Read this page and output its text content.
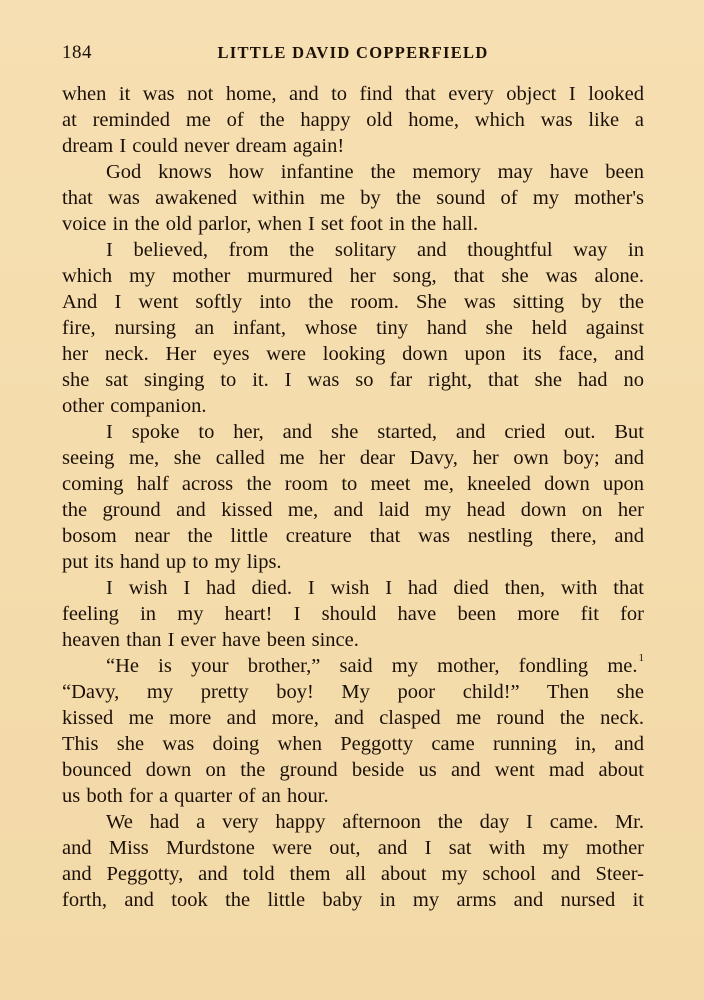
184	LITTLE DAVID COPPERFIELD
when it was not home, and to find that every object I looked
at reminded me of the happy old home, which was like a
dream I could never dream again!
God knows how infantine the memory may have been
that was awakened within me by the sound of my mother's
voice in the old parlor, when I set foot in the hall.
I believed, from the solitary and thoughtful way in
which my mother murmured her song, that she was alone.
And I went softly into the room. She was sitting by the
fire, nursing an infant, whose tiny hand she held against
her neck. Her eyes were looking down upon its face, and
she sat singing to it. I was so far right, that she had no
other companion.
I spoke to her, and she started, and cried out. But
seeing me, she called me her dear Davy, her own boy; and
coming half across the room to meet me, kneeled down upon
the ground and kissed me, and laid my head down on her
bosom near the little creature that was nestling there, and
put its hand up to my lips.
I wish I had died. I wish I had died then, with that
feeling in my heart! I should have been more fit for
heaven than I ever have been since.
“He is your brother,” said my mother, fondling me.$^1$
“Davy, my pretty boy! My poor child!” Then she
kissed me more and more, and clasped me round the neck.
This she was doing when Peggotty came running in, and
bounced down on the ground beside us and went mad about
us both for a quarter of an hour.
We had a very happy afternoon the day I came. Mr.
and Miss Murdstone were out, and I sat with my mother
and Peggotty, and told them all about my school and Steer-
forth, and took the little baby in my arms and nursed it
